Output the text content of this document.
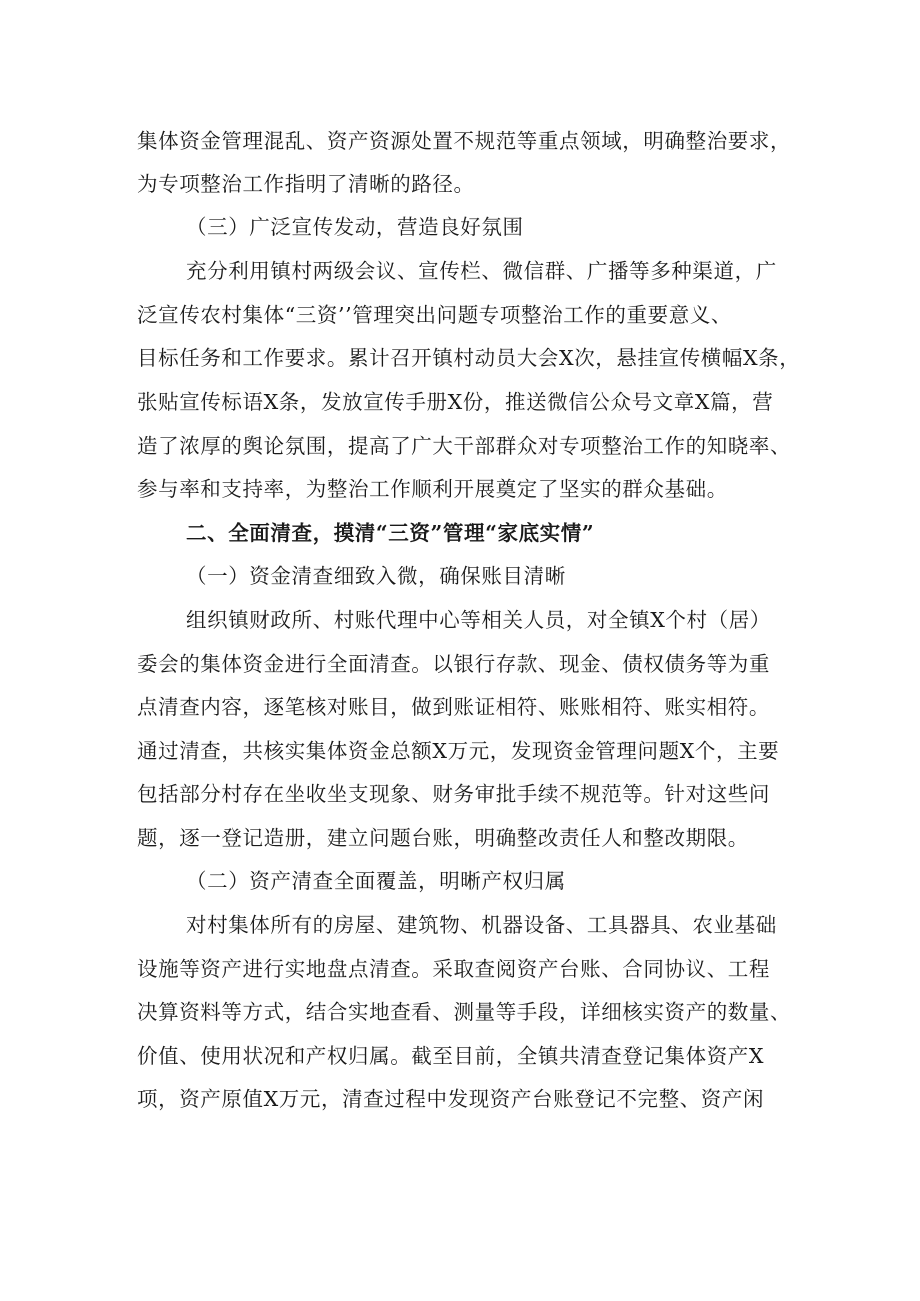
集体资金管理混乱、资产资源处置不规范等重点领域，明确整治要求，
为专项整治工作指明了清晰的路径。
（三）广泛宣传发动，营造良好氛围
充分利用镇村两级会议、宣传栏、微信群、广播等多种渠道，广
泛宣传农村集体“三资’’管理突出问题专项整治工作的重要意义、
目标任务和工作要求。累计召开镇村动员大会X次，悬挂宣传横幅X条，
张贴宣传标语X条，发放宣传手册X份，推送微信公众号文章X篇，营
造了浓厚的舆论氛围，提高了广大干部群众对专项整治工作的知晓率、
参与率和支持率，为整治工作顺利开展奠定了坚实的群众基础。
二、全面清查，摸清“三资”管理“家底实情”
（一）资金清查细致入微，确保账目清晰
组织镇财政所、村账代理中心等相关人员，对全镇X个村（居）
委会的集体资金进行全面清查。以银行存款、现金、债权债务等为重
点清查内容，逐笔核对账目，做到账证相符、账账相符、账实相符。
通过清查，共核实集体资金总额X万元，发现资金管理问题X个，主要
包括部分村存在坐收坐支现象、财务审批手续不规范等。针对这些问
题，逐一登记造册，建立问题台账，明确整改责任人和整改期限。
（二）资产清查全面覆盖，明晰产权归属
对村集体所有的房屋、建筑物、机器设备、工具器具、农业基础
设施等资产进行实地盘点清查。采取查阅资产台账、合同协议、工程
决算资料等方式，结合实地查看、测量等手段，详细核实资产的数量、
价值、使用状况和产权归属。截至目前，全镇共清查登记集体资产X
项，资产原值X万元，清查过程中发现资产台账登记不完整、资产闲
